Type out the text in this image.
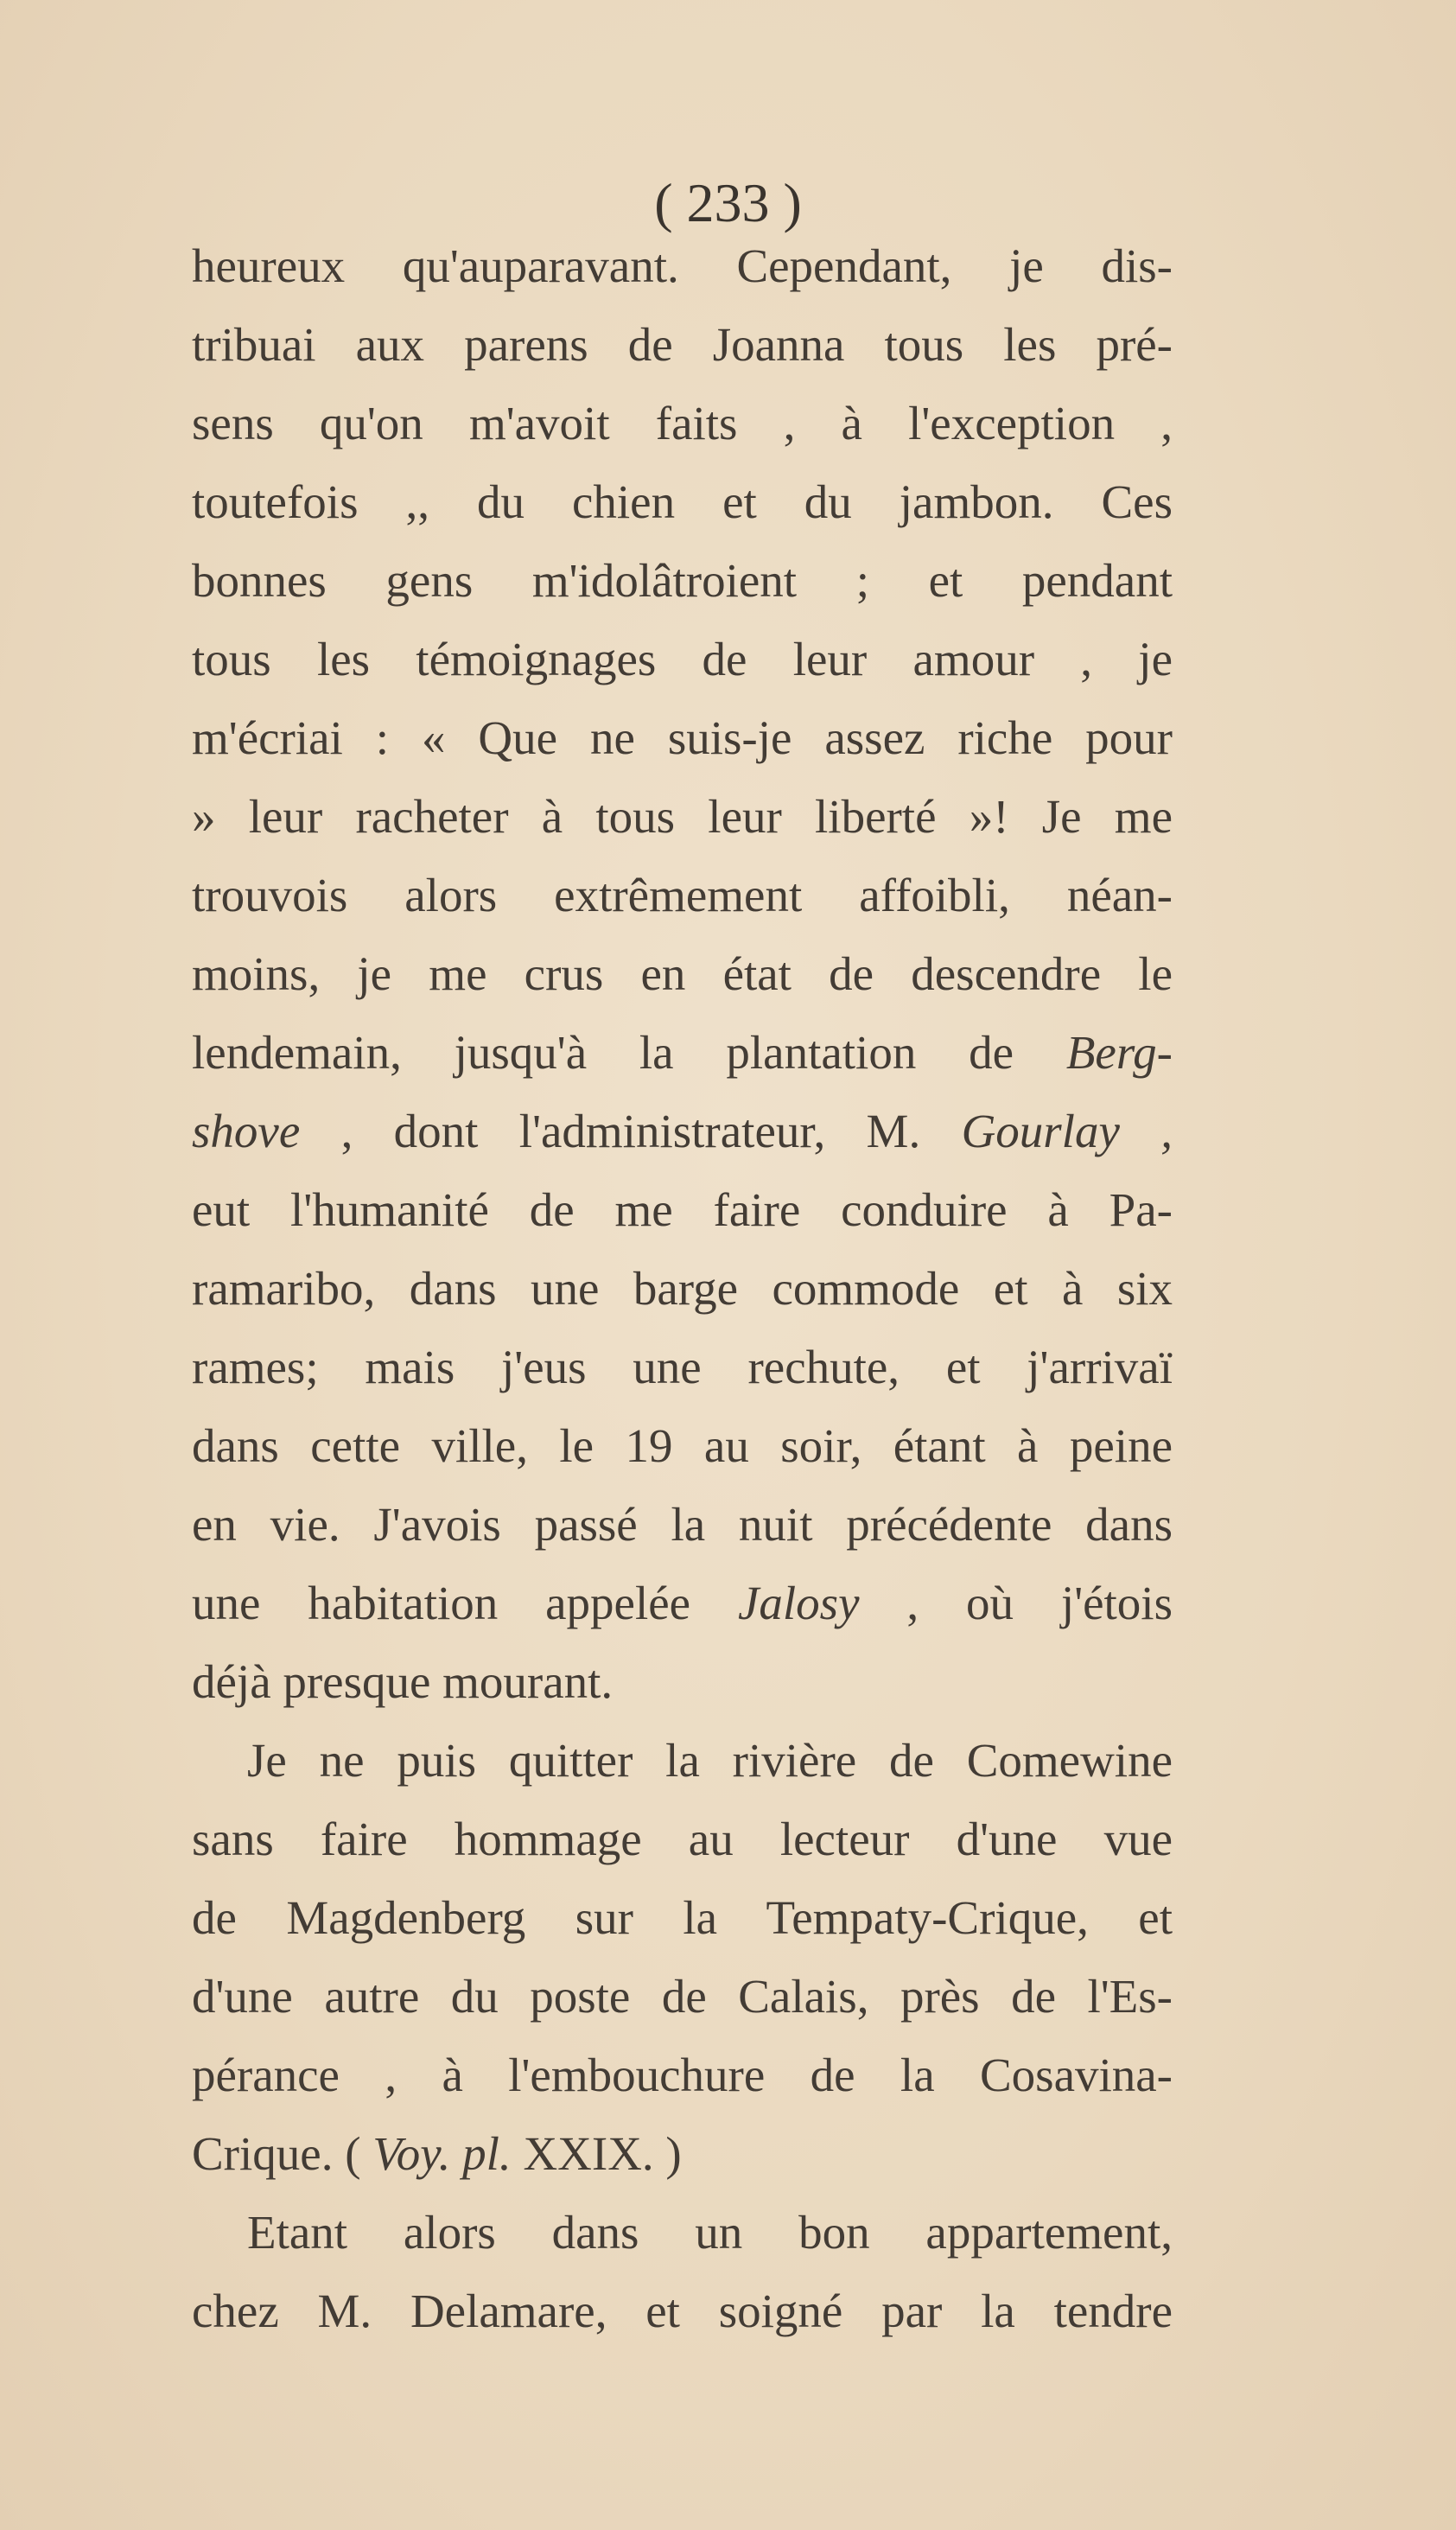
( 233 )
heureux qu'auparavant. Cependant, je dis-
tribuai aux parens de Joanna tous les pré-
sens qu'on m'avoit faits , à l'exception ,
toutefois ,, du chien et du jambon. Ces
bonnes gens m'idolâtroient ; et pendant
tous les témoignages de leur amour , je
m'écriai : « Que ne suis-je assez riche pour
» leur racheter à tous leur liberté »! Je me
trouvois alors extrêmement affoibli, néan-
moins, je me crus en état de descendre le
lendemain, jusqu'à la plantation de Berg-
shove , dont l'administrateur, M. Gourlay ,
eut l'humanité de me faire conduire à Pa-
ramaribo, dans une barge commode et à six
rames; mais j'eus une rechute, et j'arrivaï
dans cette ville, le 19 au soir, étant à peine
en vie. J'avois passé la nuit précédente dans
une habitation appelée Jalosy , où j'étois
déjà presque mourant.
Je ne puis quitter la rivière de Comewine
sans faire hommage au lecteur d'une vue
de Magdenberg sur la Tempaty-Crique, et
d'une autre du poste de Calais, près de l'Es-
pérance , à l'embouchure de la Cosavina-
Crique. ( Voy. pl. XXIX. )
Etant alors dans un bon appartement,
chez M. Delamare, et soigné par la tendre
